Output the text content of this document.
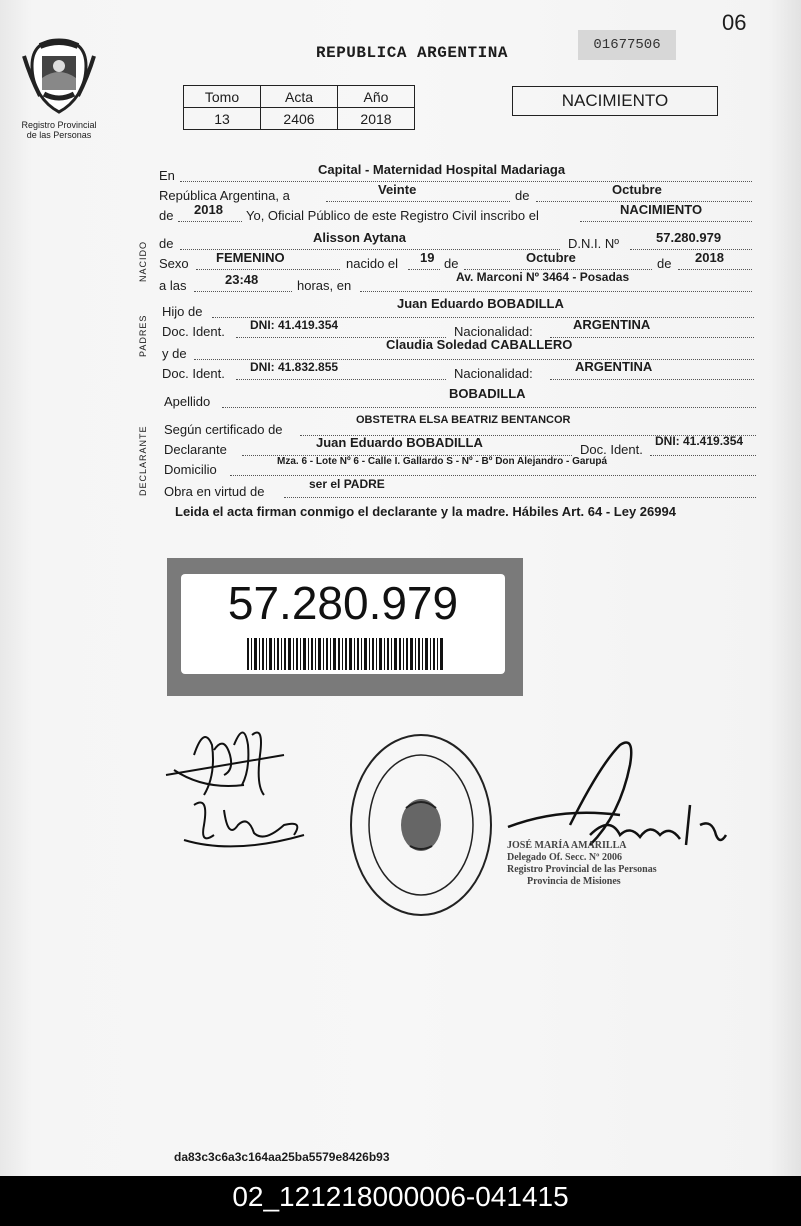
06
Registro Provincial
de las Personas
REPUBLICA ARGENTINA	01677506
Tomo	Acta	Año
13	2406	2018
NACIMIENTO
NACIDO
PADRES
DECLARANTE
En	Capital - Maternidad Hospital Madariaga
República Argentina, a	Veinte	de	Octubre
de 2018 Yo, Oficial Público de este Registro Civil inscribo el	NACIMIENTO
de	Alisson Aytana	D.N.I. Nº	57.280.979
Sexo FEMENINO	nacido el 19 de	Octubre	de 2018
a las	23:48	horas, en
Av. Marconi Nº 3464 - Posadas
Hijo de
Juan Eduardo BOBADILLA
Doc. Ident. DNI: 41.419.354	Nacionalidad:	ARGENTINA
y de
Claudia Soledad CABALLERO
Doc. Ident. DNI: 41.832.855	Nacionalidad:	ARGENTINA
Apellido
BOBADILLA
Según certificado de
OBSTETRA ELSA BEATRIZ BENTANCOR
Declarante	Juan Eduardo BOBADILLA	Doc. Ident.
DNI: 41.419.354
Domicilio
Mza. 6 - Lote Nº 6 - Calle I. Gallardo S - Nº - Bº Don Alejandro - Garupá
Obra en virtud de	ser el PADRE
Leida el acta firman conmigo el declarante y la madre. Hábiles Art. 64 - Ley 26994
57.280.979
JOSÉ MARÍA AMARILLA
Delegado Of. Secc. Nº 2006
Registro Provincial de las Personas
Provincia de Misiones
da83c3c6a3c164aa25ba5579e8426b93
02_121218000006-041415
